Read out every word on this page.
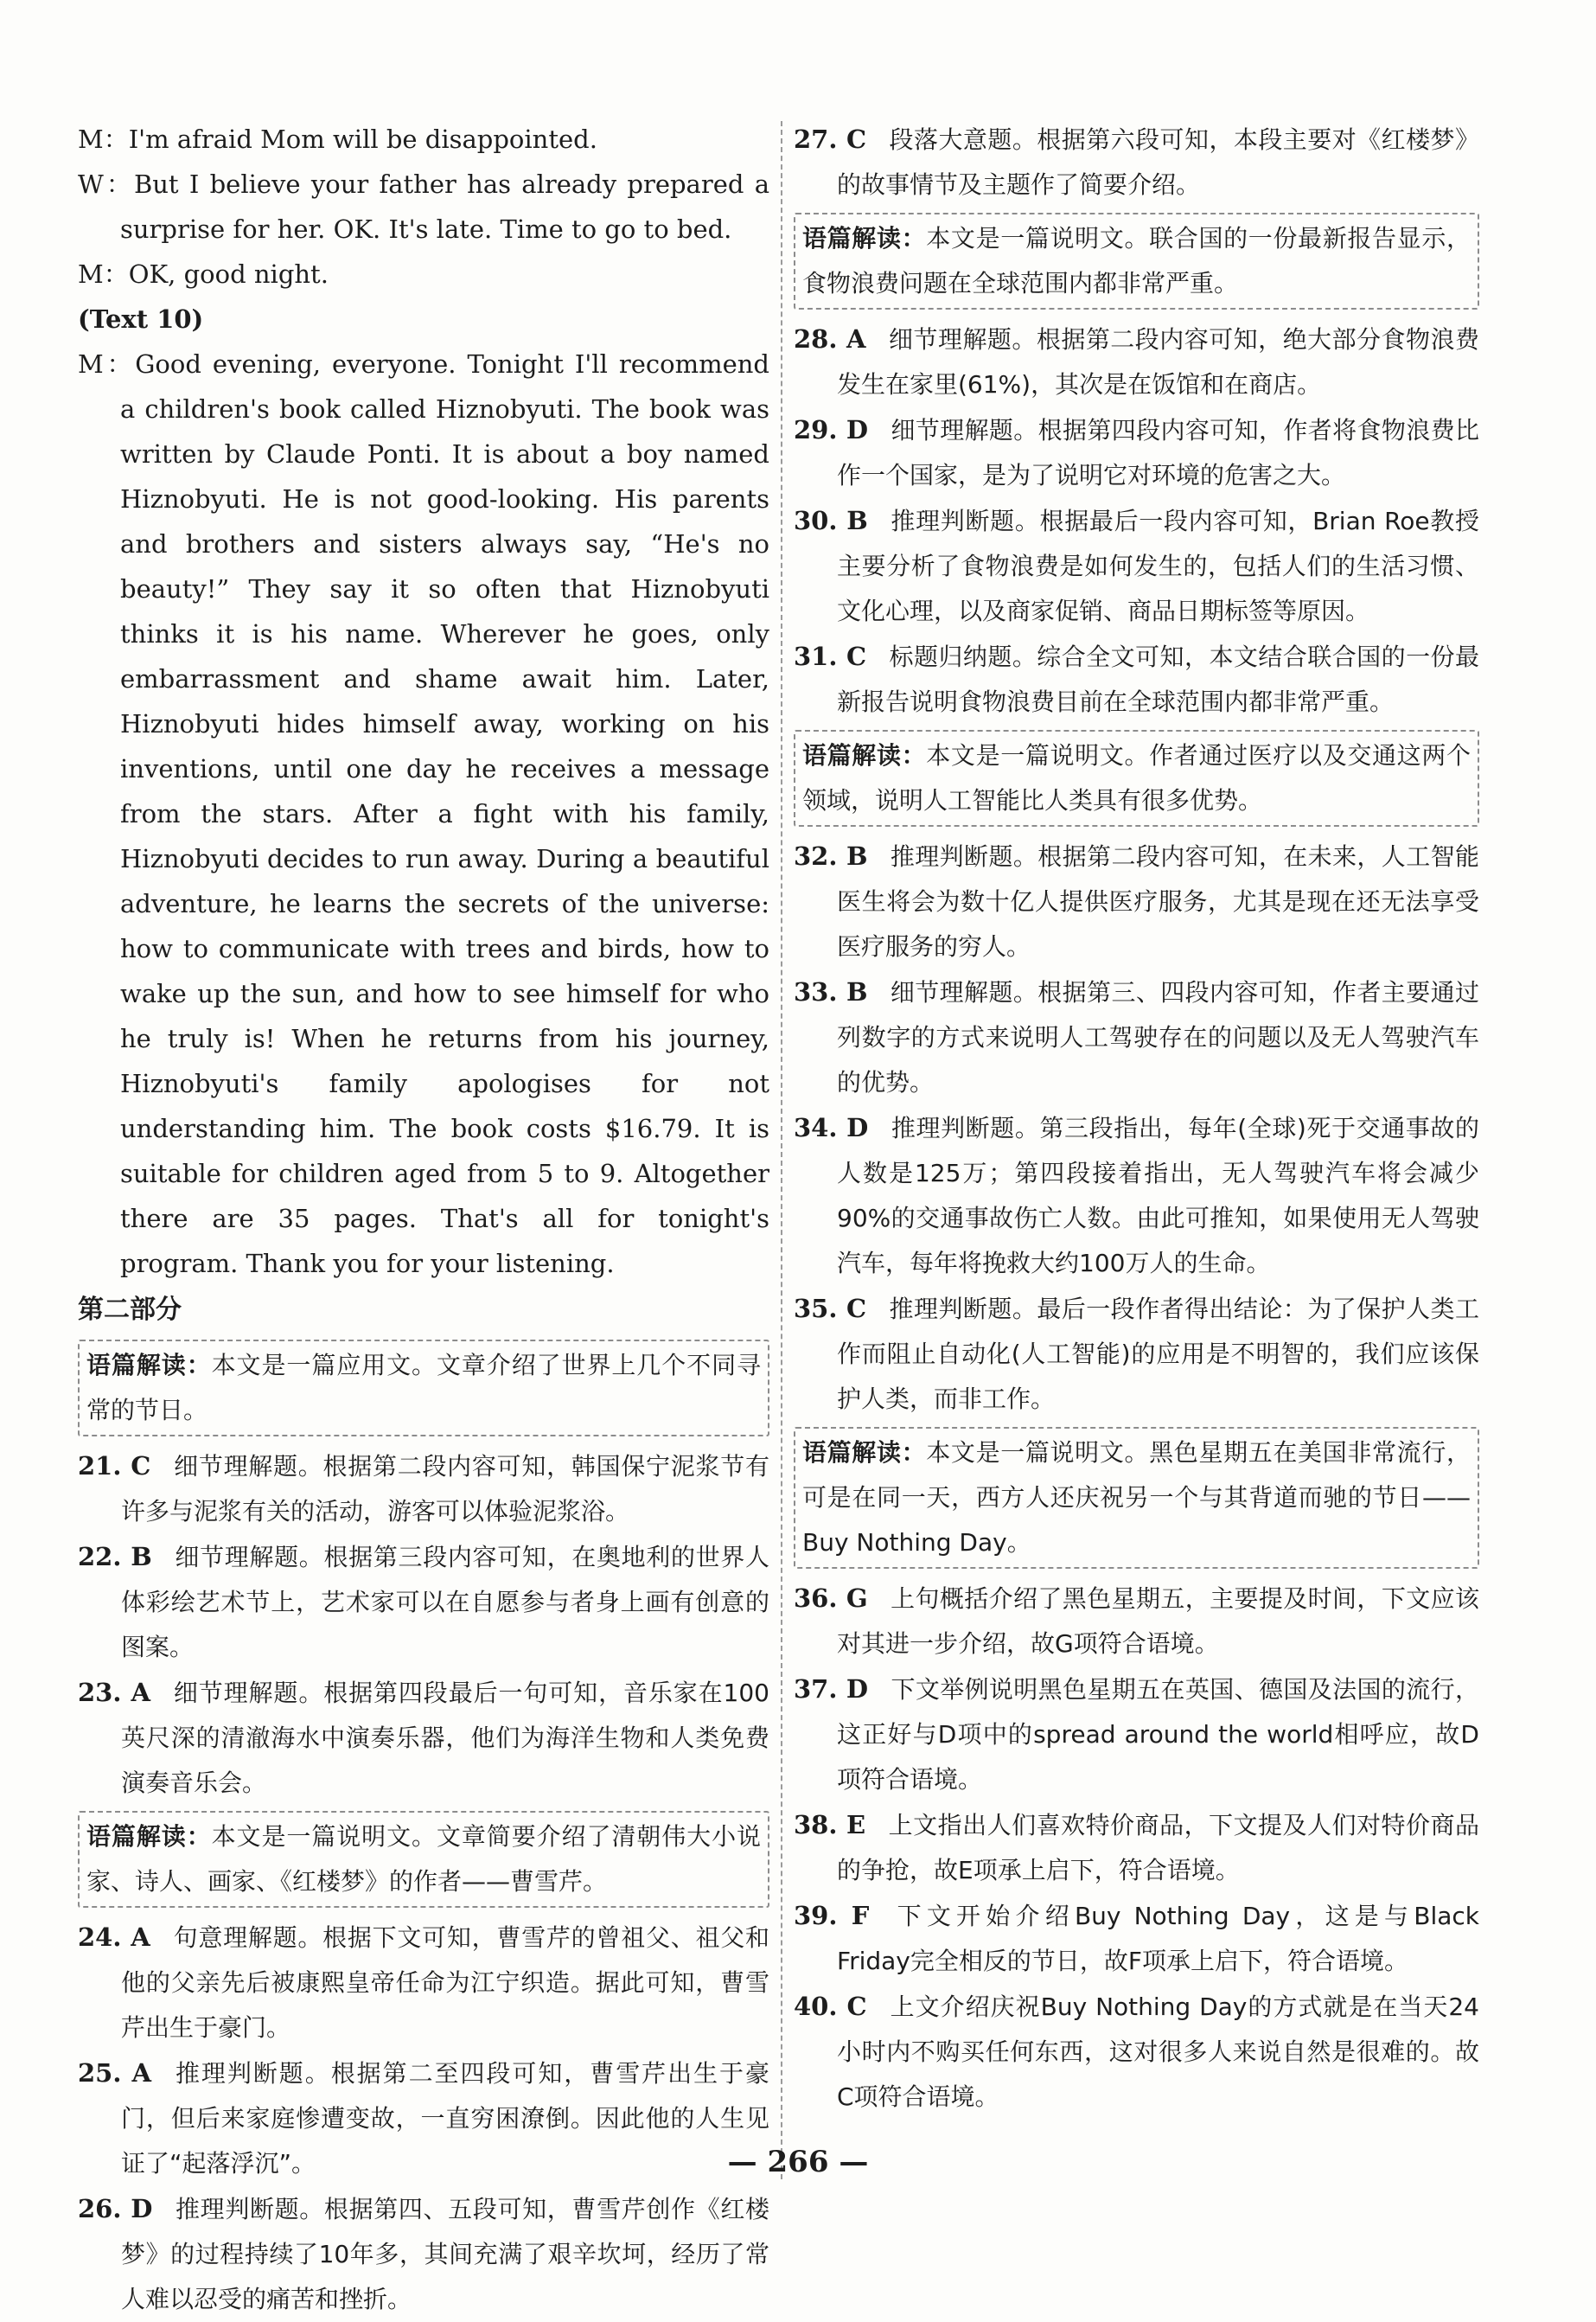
M：I'm afraid Mom will be disappointed.

W：But I believe your father has already prepared a surprise for her. OK. It's late. Time to go to bed.

M：OK, good night.

(Text 10)

M：Good evening, everyone. Tonight I'll recommend a children's book called Hiznobyuti. The book was written by Claude Ponti. It is about a boy named Hiznobyuti. He is not good-looking. His parents and brothers and sisters always say, “He's no beauty!” They say it so often that Hiznobyuti thinks it is his name. Wherever he goes, only embarrassment and shame await him. Later, Hiznobyuti hides himself away, working on his inventions, until one day he receives a message from the stars. After a fight with his family, Hiznobyuti decides to run away. During a beautiful adventure, he learns the secrets of the universe: how to communicate with trees and birds, how to wake up the sun, and how to see himself for who he truly is! When he returns from his journey, Hiznobyuti's family apologises for not understanding him. The book costs $16.79. It is suitable for children aged from 5 to 9. Altogether there are 35 pages. That's all for tonight's program. Thank you for your listening.

第二部分

语篇解读：本文是一篇应用文。文章介绍了世界上几个不同寻常的节日。

21. C 细节理解题。根据第二段内容可知，韩国保宁泥浆节有许多与泥浆有关的活动，游客可以体验泥浆浴。

22. B 细节理解题。根据第三段内容可知，在奥地利的世界人体彩绘艺术节上，艺术家可以在自愿参与者身上画有创意的图案。

23. A 细节理解题。根据第四段最后一句可知，音乐家在100英尺深的清澈海水中演奏乐器，他们为海洋生物和人类免费演奏音乐会。

语篇解读：本文是一篇说明文。文章简要介绍了清朝伟大小说家、诗人、画家、《红楼梦》的作者——曹雪芹。

24. A 句意理解题。根据下文可知，曹雪芹的曾祖父、祖父和他的父亲先后被康熙皇帝任命为江宁织造。据此可知，曹雪芹出生于豪门。

25. A 推理判断题。根据第二至四段可知，曹雪芹出生于豪门，但后来家庭惨遭变故，一直穷困潦倒。因此他的人生见证了“起落浮沉”。

26. D 推理判断题。根据第四、五段可知，曹雪芹创作《红楼梦》的过程持续了10年多，其间充满了艰辛坎坷，经历了常人难以忍受的痛苦和挫折。

27. C 段落大意题。根据第六段可知，本段主要对《红楼梦》的故事情节及主题作了简要介绍。

语篇解读：本文是一篇说明文。联合国的一份最新报告显示，食物浪费问题在全球范围内都非常严重。

28. A 细节理解题。根据第二段内容可知，绝大部分食物浪费发生在家里(61%)，其次是在饭馆和在商店。

29. D 细节理解题。根据第四段内容可知，作者将食物浪费比作一个国家，是为了说明它对环境的危害之大。

30. B 推理判断题。根据最后一段内容可知，Brian Roe教授主要分析了食物浪费是如何发生的，包括人们的生活习惯、文化心理，以及商家促销、商品日期标签等原因。

31. C 标题归纳题。综合全文可知，本文结合联合国的一份最新报告说明食物浪费目前在全球范围内都非常严重。

语篇解读：本文是一篇说明文。作者通过医疗以及交通这两个领域，说明人工智能比人类具有很多优势。

32. B 推理判断题。根据第二段内容可知，在未来，人工智能医生将会为数十亿人提供医疗服务，尤其是现在还无法享受医疗服务的穷人。

33. B 细节理解题。根据第三、四段内容可知，作者主要通过列数字的方式来说明人工驾驶存在的问题以及无人驾驶汽车的优势。

34. D 推理判断题。第三段指出，每年(全球)死于交通事故的人数是125万；第四段接着指出，无人驾驶汽车将会减少90%的交通事故伤亡人数。由此可推知，如果使用无人驾驶汽车，每年将挽救大约100万人的生命。

35. C 推理判断题。最后一段作者得出结论：为了保护人类工作而阻止自动化(人工智能)的应用是不明智的，我们应该保护人类，而非工作。

语篇解读：本文是一篇说明文。黑色星期五在美国非常流行，可是在同一天，西方人还庆祝另一个与其背道而驰的节日——Buy Nothing Day。

36. G 上句概括介绍了黑色星期五，主要提及时间，下文应该对其进一步介绍，故G项符合语境。

37. D 下文举例说明黑色星期五在英国、德国及法国的流行，这正好与D项中的spread around the world相呼应，故D项符合语境。

38. E 上文指出人们喜欢特价商品，下文提及人们对特价商品的争抢，故E项承上启下，符合语境。

39. F 下文开始介绍Buy Nothing Day，这是与Black Friday完全相反的节日，故F项承上启下，符合语境。

40. C 上文介绍庆祝Buy Nothing Day的方式就是在当天24小时内不购买任何东西，这对很多人来说自然是很难的。故C项符合语境。

— 266 —
